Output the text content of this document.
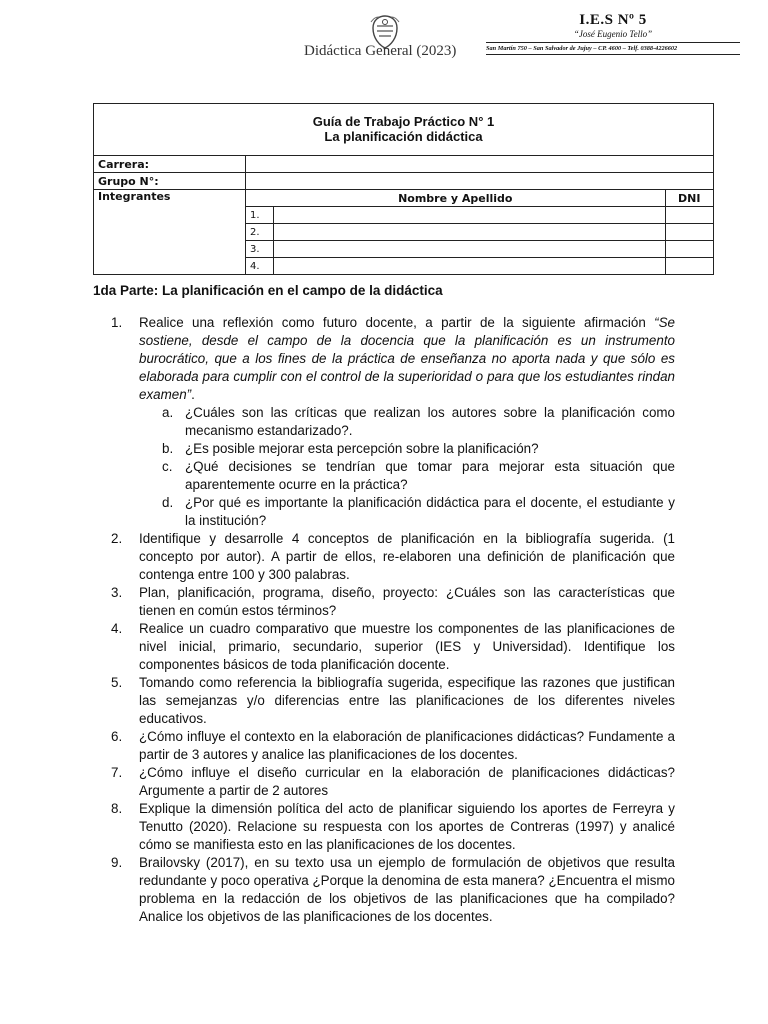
Didáctica General (2023)
I.E.S Nº 5
“José Eugenio Tello”
San Martín 750 – San Salvador de Jujuy – CP. 4600 – Telf. 0388-4226602
Guía de Trabajo Práctico N° 1
La planificación didáctica			

Carrera:			
Grupo N°:			
Integrantes	Nombre y Apellido		DNI
	1.		
	2.		
	3.		
	4.		
1da Parte: La planificación en el campo de la didáctica
1. Realice una reflexión como futuro docente, a partir de la siguiente afirmación “Se sostiene, desde el campo de la docencia que la planificación es un instrumento burocrático, que a los fines de la práctica de enseñanza no aporta nada y que sólo es elaborada para cumplir con el control de la superioridad o para que los estudiantes rindan examen”.
a. ¿Cuáles son las críticas que realizan los autores sobre la planificación como mecanismo estandarizado?.
b. ¿Es posible mejorar esta percepción sobre la planificación?
c. ¿Qué decisiones se tendrían que tomar para mejorar esta situación que aparentemente ocurre en la práctica?
d. ¿Por qué es importante la planificación didáctica para el docente, el estudiante y la institución?
2. Identifique y desarrolle 4 conceptos de planificación en la bibliografía sugerida. (1 concepto por autor). A partir de ellos, re-elaboren una definición de planificación que contenga entre 100 y 300 palabras.
3. Plan, planificación, programa, diseño, proyecto: ¿Cuáles son las características que tienen en común estos términos?
4. Realice un cuadro comparativo que muestre los componentes de las planificaciones de nivel inicial, primario, secundario, superior (IES y Universidad). Identifique los componentes básicos de toda planificación docente.
5. Tomando como referencia la bibliografía sugerida, especifique las razones que justifican las semejanzas y/o diferencias entre las planificaciones de los diferentes niveles educativos.
6. ¿Cómo influye el contexto en la elaboración de planificaciones didácticas? Fundamente a partir de 3 autores y analice las planificaciones de los docentes.
7. ¿Cómo influye el diseño curricular en la elaboración de planificaciones didácticas? Argumente a partir de 2 autores
8. Explique la dimensión política del acto de planificar siguiendo los aportes de Ferreyra y Tenutto (2020). Relacione su respuesta con los aportes de Contreras (1997) y analicé cómo se manifiesta esto en las planificaciones de los docentes.
9. Brailovsky (2017), en su texto usa un ejemplo de formulación de objetivos que resulta redundante y poco operativa ¿Porque la denomina de esta manera? ¿Encuentra el mismo problema en la redacción de los objetivos de las planificaciones que ha compilado? Analice los objetivos de las planificaciones de los docentes.
